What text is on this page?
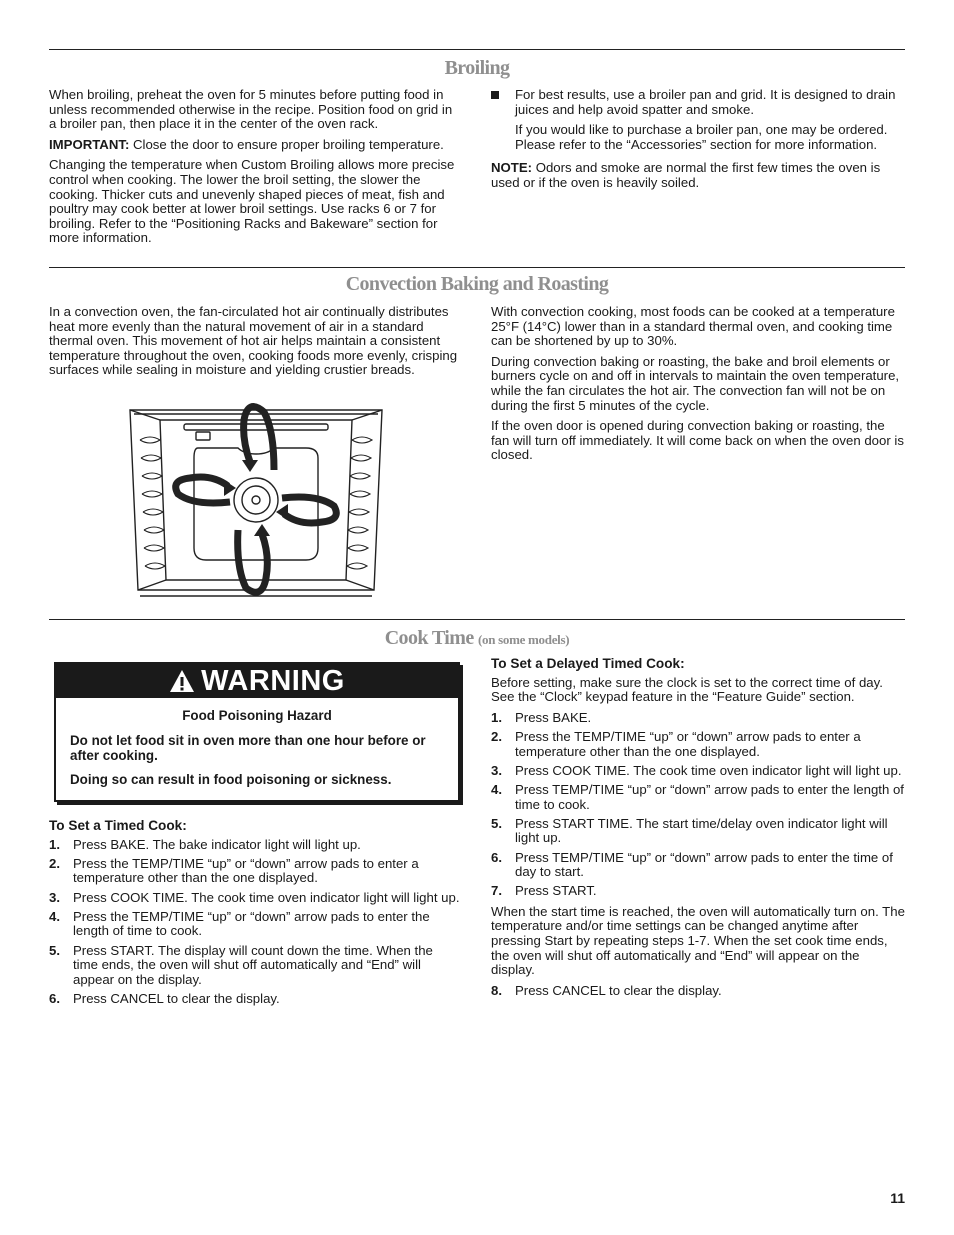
Broiling

When broiling, preheat the oven for 5 minutes before putting food in unless recommended otherwise in the recipe. Position food on grid in a broiler pan, then place it in the center of the oven rack.

IMPORTANT: Close the door to ensure proper broiling temperature.

Changing the temperature when Custom Broiling allows more precise control when cooking. The lower the broil setting, the slower the cooking. Thicker cuts and unevenly shaped pieces of meat, fish and poultry may cook better at lower broil settings. Use racks 6 or 7 for broiling. Refer to the “Positioning Racks and Bakeware” section for more information.

For best results, use a broiler pan and grid. It is designed to drain juices and help avoid spatter and smoke.

If you would like to purchase a broiler pan, one may be ordered. Please refer to the “Accessories” section for more information.

NOTE: Odors and smoke are normal the first few times the oven is used or if the oven is heavily soiled.

Convection Baking and Roasting

In a convection oven, the fan-circulated hot air continually distributes heat more evenly than the natural movement of air in a standard thermal oven. This movement of hot air helps maintain a consistent temperature throughout the oven, cooking foods more evenly, crisping surfaces while sealing in moisture and yielding crustier breads.

With convection cooking, most foods can be cooked at a temperature 25°F (14°C) lower than in a standard thermal oven, and cooking time can be shortened by up to 30%.

During convection baking or roasting, the bake and broil elements or burners cycle on and off in intervals to maintain the oven temperature, while the fan circulates the hot air. The convection fan will not be on during the first 5 minutes of the cycle.

If the oven door is opened during convection baking or roasting, the fan will turn off immediately. It will come back on when the oven door is closed.

Cook Time (on some models)
WARNING

Food Poisoning Hazard

Do not let food sit in oven more than one hour before or after cooking.

Doing so can result in food poisoning or sickness.

To Set a Timed Cook:
1. Press BAKE. The bake indicator light will light up.
2. Press the TEMP/TIME “up” or “down” arrow pads to enter a temperature other than the one displayed.
3. Press COOK TIME. The cook time oven indicator light will light up.
4. Press the TEMP/TIME “up” or “down” arrow pads to enter the length of time to cook.
5. Press START. The display will count down the time. When the time ends, the oven will shut off automatically and “End” will appear on the display.
6. Press CANCEL to clear the display.
To Set a Delayed Timed Cook:

Before setting, make sure the clock is set to the correct time of day. See the “Clock” keypad feature in the “Feature Guide” section.

1. Press BAKE.
2. Press the TEMP/TIME “up” or “down” arrow pads to enter a temperature other than the one displayed.
3. Press COOK TIME. The cook time oven indicator light will light up.
4. Press TEMP/TIME “up” or “down” arrow pads to enter the length of time to cook.
5. Press START TIME. The start time/delay oven indicator light will light up.
6. Press TEMP/TIME “up” or “down” arrow pads to enter the time of day to start.
7. Press START.

When the start time is reached, the oven will automatically turn on. The temperature and/or time settings can be changed anytime after pressing Start by repeating steps 1-7. When the set cook time ends, the oven will shut off automatically and “End” will appear on the display.

8. Press CANCEL to clear the display.
11
